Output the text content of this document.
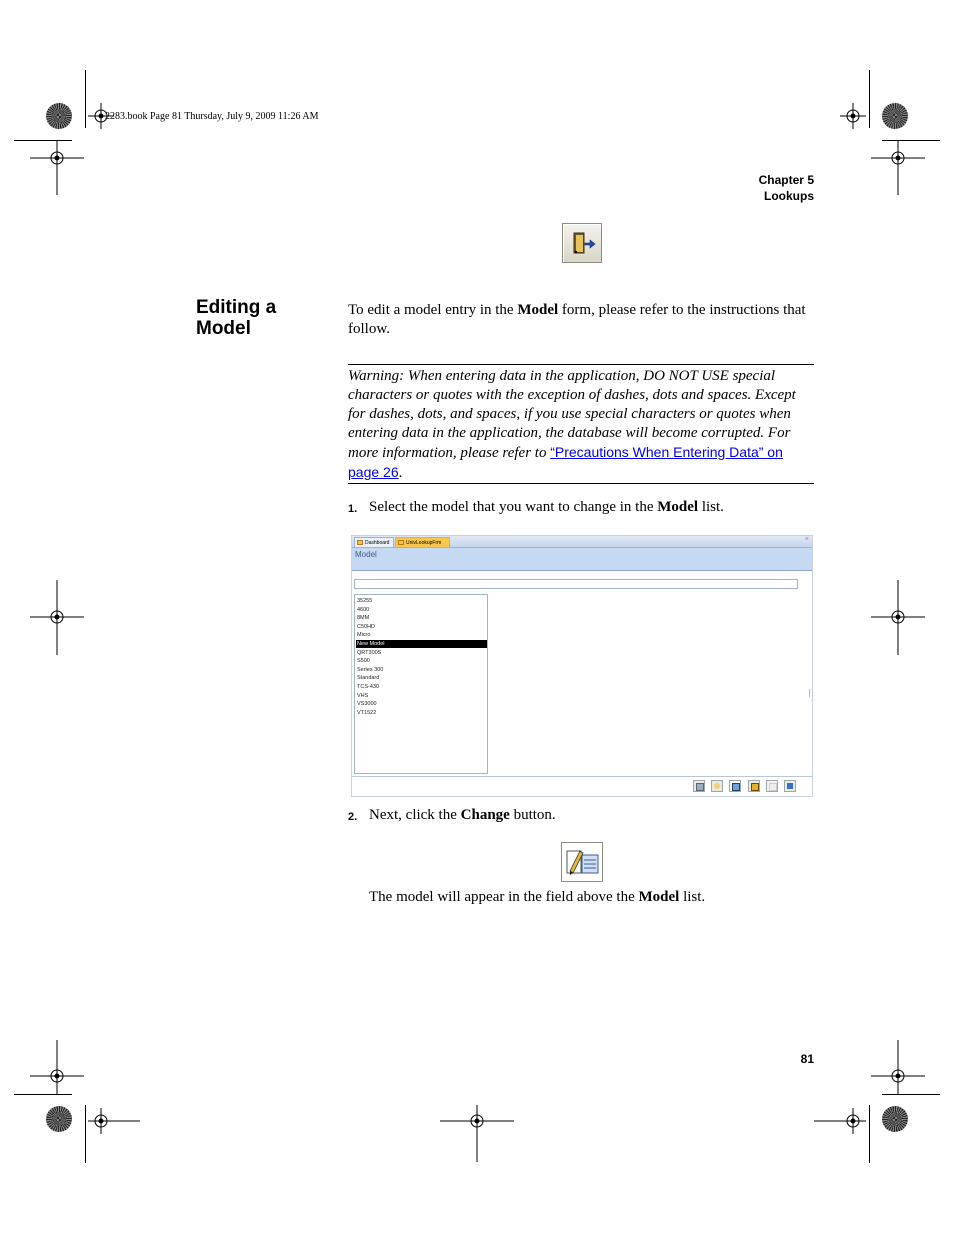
2283.book Page 81 Thursday, July 9, 2009 11:26 AM
Chapter 5
Lookups
Editing a Model
To edit a model entry in the Model form, please refer to the instructions that follow.
Warning: When entering data in the application, DO NOT USE special characters or quotes with the exception of dashes, dots and spaces. Except for dashes, dots, and spaces, if you use special characters or quotes when entering data in the application, the database will become corrupted. For more information, please refer to “Precautions When Entering Data” on page 26.
1. Select the model that you want to change in the Model list.
Dashboard	UnivLookupFrm	×
Model
35255
4600
8MM
C50HD
Micro
New Model
QRT300S
S500
Series 300
Standard
TCS-430
VHS
VS3000
VT1522
2. Next, click the Change button.
The model will appear in the field above the Model list.
81
